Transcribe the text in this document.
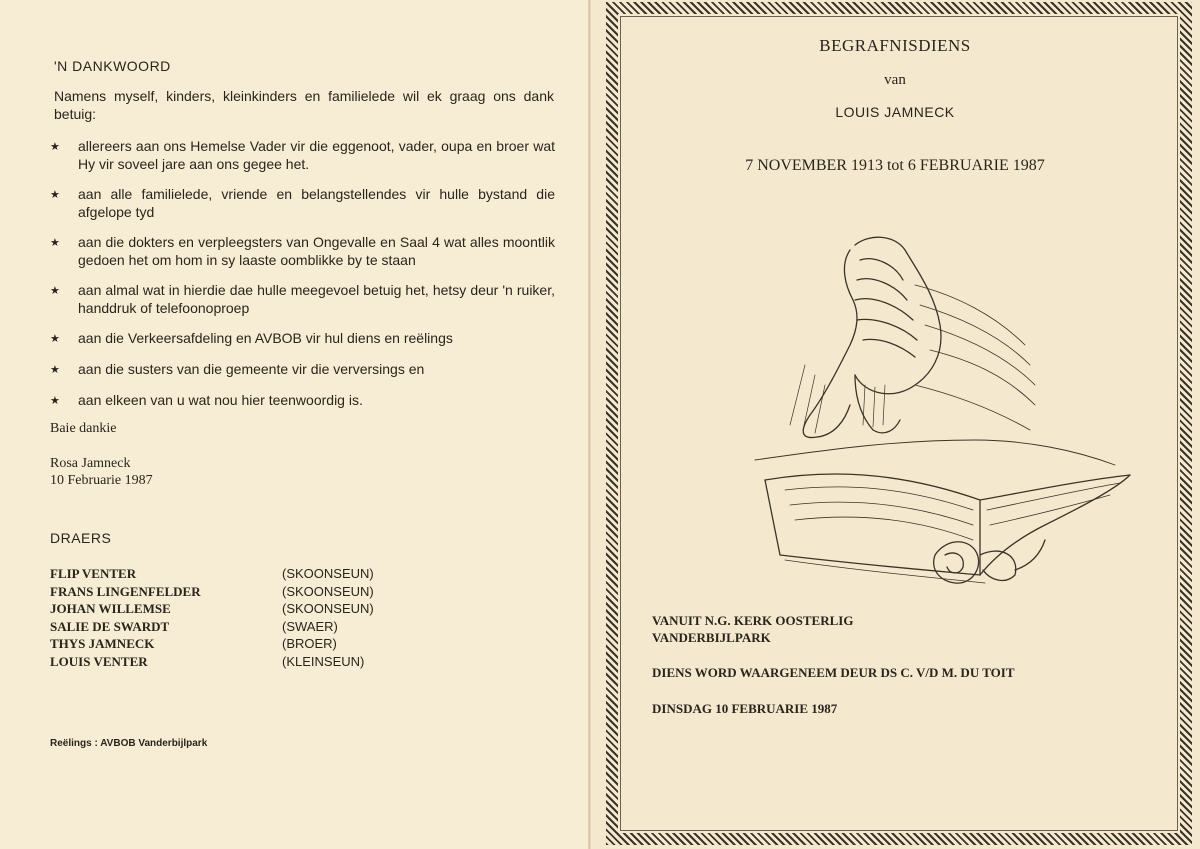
'N DANKWOORD
Namens myself, kinders, kleinkinders en familielede wil ek graag ons dank betuig:
★	allereers aan ons Hemelse Vader vir die eggenoot, vader, oupa en broer wat Hy vir soveel jare aan ons gegee het.
★	aan alle familielede, vriende en belangstellendes vir hulle bystand die afgelope tyd
★	aan die dokters en verpleegsters van Ongevalle en Saal 4 wat alles moontlik gedoen het om hom in sy laaste oomblikke by te staan
★	aan almal wat in hierdie dae hulle meegevoel betuig het, hetsy deur 'n ruiker, handdruk of telefoonoproep
★	aan die Verkeersafdeling en AVBOB vir hul diens en reëlings
★	aan die susters van die gemeente vir die verversings en
★	aan elkeen van u wat nou hier teenwoordig is.
Baie dankie
Rosa Jamneck
10 Februarie 1987
DRAERS
FLIP VENTER	(SKOONSEUN)
FRANS LINGENFELDER	(SKOONSEUN)
JOHAN WILLEMSE	(SKOONSEUN)
SALIE DE SWARDT	(SWAER)
THYS JAMNECK	(BROER)
LOUIS VENTER	(KLEINSEUN)
Reëlings : AVBOB Vanderbijlpark
BEGRAFNISDIENS
van
LOUIS JAMNECK
7 NOVEMBER 1913 tot 6 FEBRUARIE 1987
VANUIT N.G. KERK OOSTERLIG
VANDERBIJLPARK
DIENS WORD WAARGENEEM DEUR DS C. V/D M. DU TOIT
DINSDAG 10 FEBRUARIE 1987
